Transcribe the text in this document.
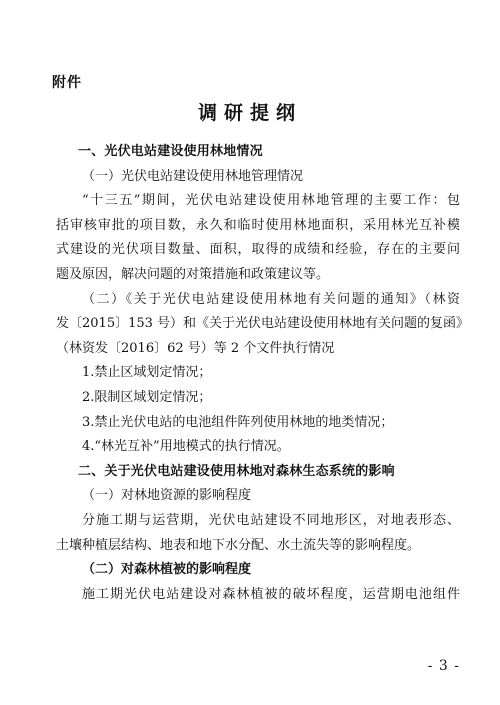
附件
调研提纲
一、光伏电站建设使用林地情况
（一）光伏电站建设使用林地管理情况
“十三五”期间，光伏电站建设使用林地管理的主要工作：包
括审核审批的项目数，永久和临时使用林地面积，采用林光互补模
式建设的光伏项目数量、面积，取得的成绩和经验，存在的主要问
题及原因，解决问题的对策措施和政策建议等。
（二）《关于光伏电站建设使用林地有关问题的通知》（林资
发〔2015〕153 号）和《关于光伏电站建设使用林地有关问题的复函》
（林资发〔2016〕62 号）等 2 个文件执行情况
1.禁止区域划定情况；
2.限制区域划定情况；
3.禁止光伏电站的电池组件阵列使用林地的地类情况；
4.“林光互补”用地模式的执行情况。
二、关于光伏电站建设使用林地对森林生态系统的影响
（一）对林地资源的影响程度
分施工期与运营期，光伏电站建设不同地形区，对地表形态、
土壤种植层结构、地表和地下水分配、水土流失等的影响程度。
（二）对森林植被的影响程度
施工期光伏电站建设对森林植被的破坏程度，运营期电池组件
- 3 -
